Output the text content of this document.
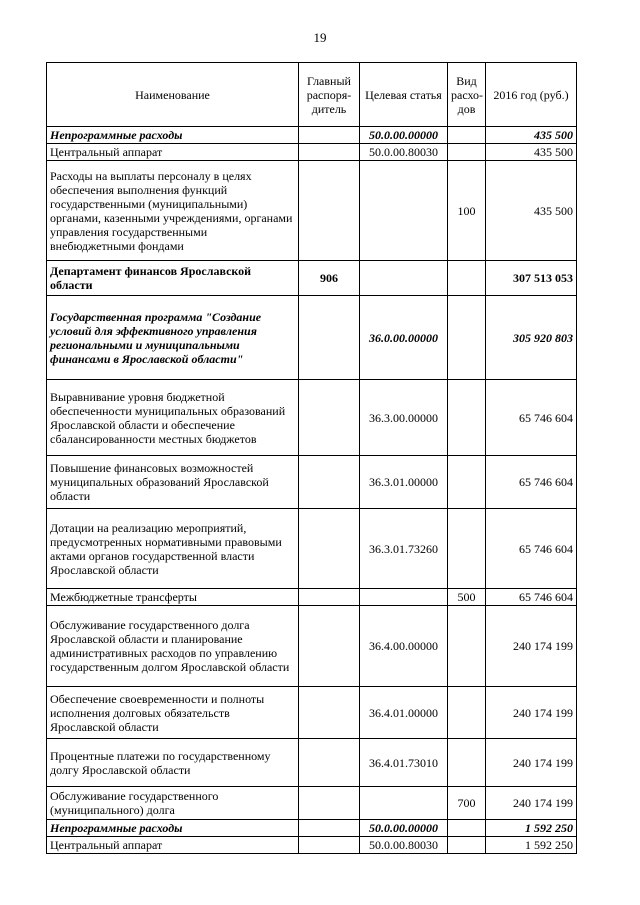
19
Наименование	Главный распоря-дитель	Целевая статья	Вид расхо-дов	2016 год (руб.)
Непрограммные расходы		50.0.00.00000		435 500
Центральный аппарат		50.0.00.80030		435 500
Расходы на выплаты персоналу в целях обеспечения выполнения функций государственными (муниципальными) органами, казенными учреждениями, органами управления государственными внебюджетными фондами			100	435 500
Департамент финансов Ярославской области	906			307 513 053
Государственная программа "Создание условий для эффективного управления региональными и муниципальными финансами в Ярославской области"		36.0.00.00000		305 920 803
Выравнивание уровня бюджетной обеспеченности муниципальных образований Ярославской области и обеспечение сбалансированности местных бюджетов		36.3.00.00000		65 746 604
Повышение финансовых возможностей муниципальных образований Ярославской области		36.3.01.00000		65 746 604
Дотации на реализацию мероприятий, предусмотренных нормативными правовыми актами органов государственной власти Ярославской области		36.3.01.73260		65 746 604
Межбюджетные трансферты			500	65 746 604
Обслуживание государственного долга Ярославской области и планирование административных расходов по управлению государственным долгом Ярославской области		36.4.00.00000		240 174 199
Обеспечение своевременности и полноты исполнения долговых обязательств Ярославской области		36.4.01.00000		240 174 199
Процентные платежи по государственному долгу Ярославской области		36.4.01.73010		240 174 199
Обслуживание государственного (муниципального) долга			700	240 174 199
Непрограммные расходы		50.0.00.00000		1 592 250
Центральный аппарат		50.0.00.80030		1 592 250
